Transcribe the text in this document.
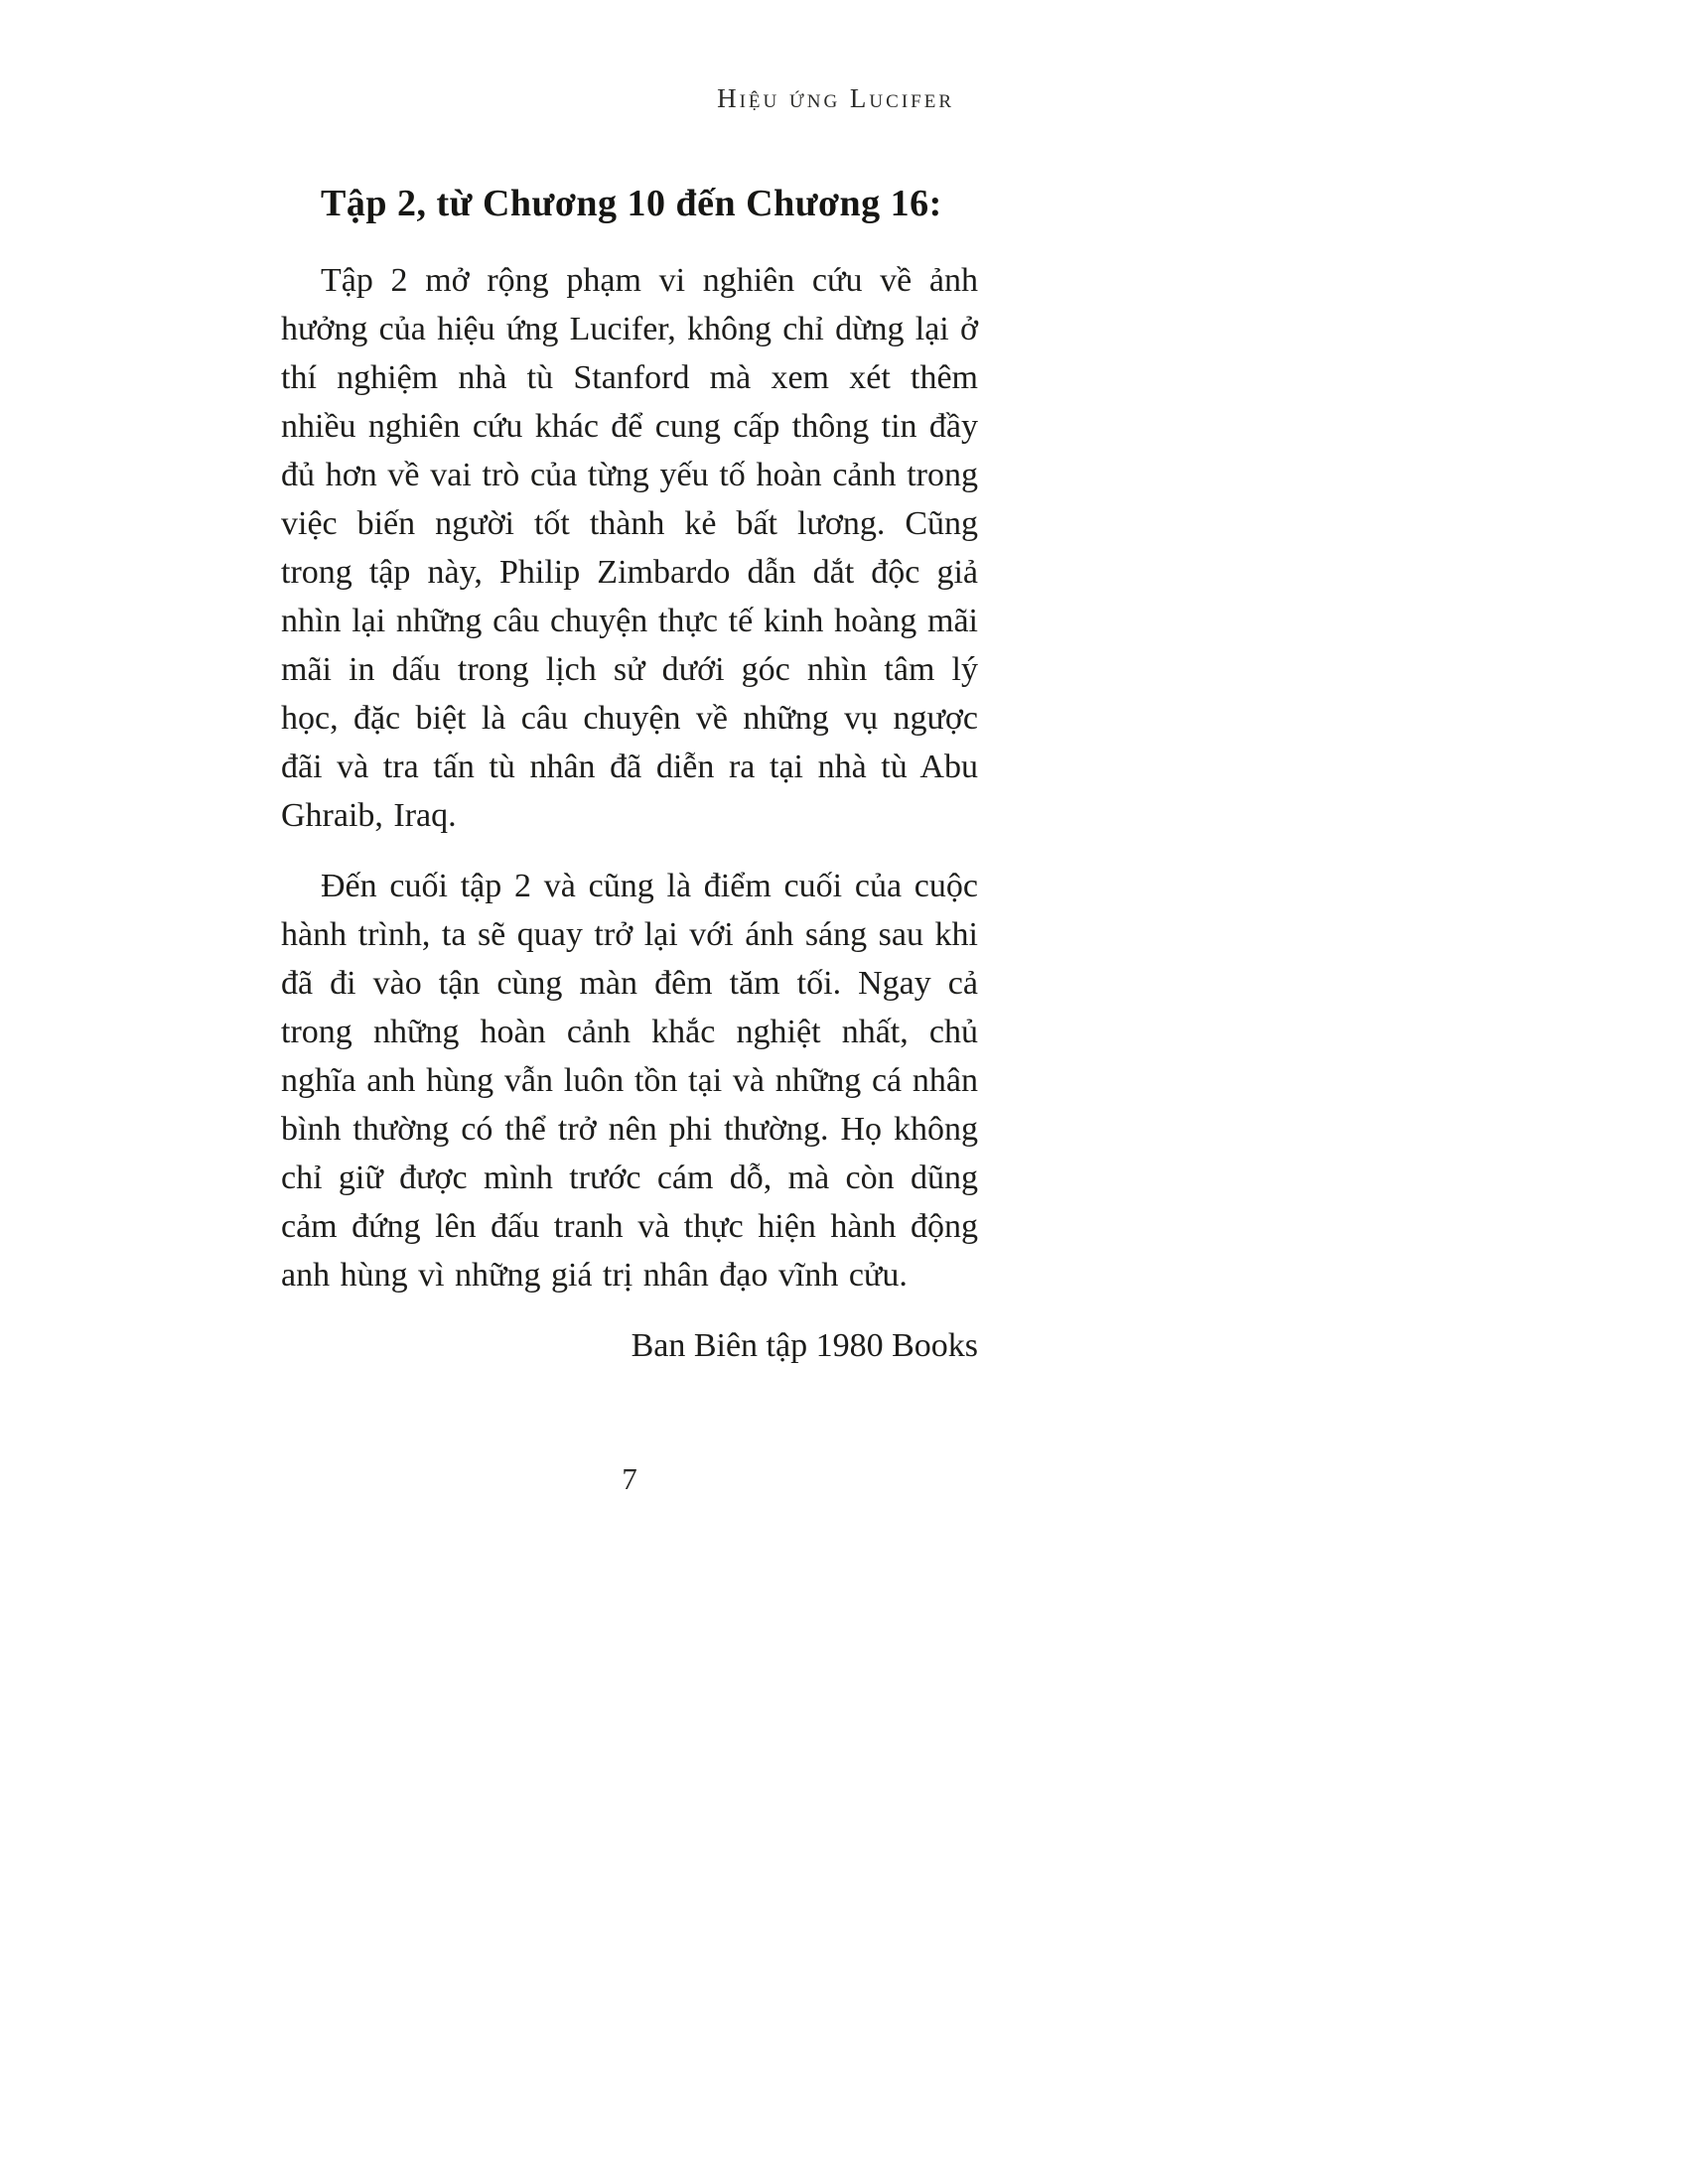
Hiệu ứng Lucifer
Tập 2, từ Chương 10 đến Chương 16:

Tập 2 mở rộng phạm vi nghiên cứu về ảnh hưởng của hiệu ứng Lucifer, không chỉ dừng lại ở thí nghiệm nhà tù Stanford mà xem xét thêm nhiều nghiên cứu khác để cung cấp thông tin đầy đủ hơn về vai trò của từng yếu tố hoàn cảnh trong việc biến người tốt thành kẻ bất lương. Cũng trong tập này, Philip Zimbardo dẫn dắt độc giả nhìn lại những câu chuyện thực tế kinh hoàng mãi mãi in dấu trong lịch sử dưới góc nhìn tâm lý học, đặc biệt là câu chuyện về những vụ ngược đãi và tra tấn tù nhân đã diễn ra tại nhà tù Abu Ghraib, Iraq.

Đến cuối tập 2 và cũng là điểm cuối của cuộc hành trình, ta sẽ quay trở lại với ánh sáng sau khi đã đi vào tận cùng màn đêm tăm tối. Ngay cả trong những hoàn cảnh khắc nghiệt nhất, chủ nghĩa anh hùng vẫn luôn tồn tại và những cá nhân bình thường có thể trở nên phi thường. Họ không chỉ giữ được mình trước cám dỗ, mà còn dũng cảm đứng lên đấu tranh và thực hiện hành động anh hùng vì những giá trị nhân đạo vĩnh cửu.

Ban Biên tập 1980 Books
7
